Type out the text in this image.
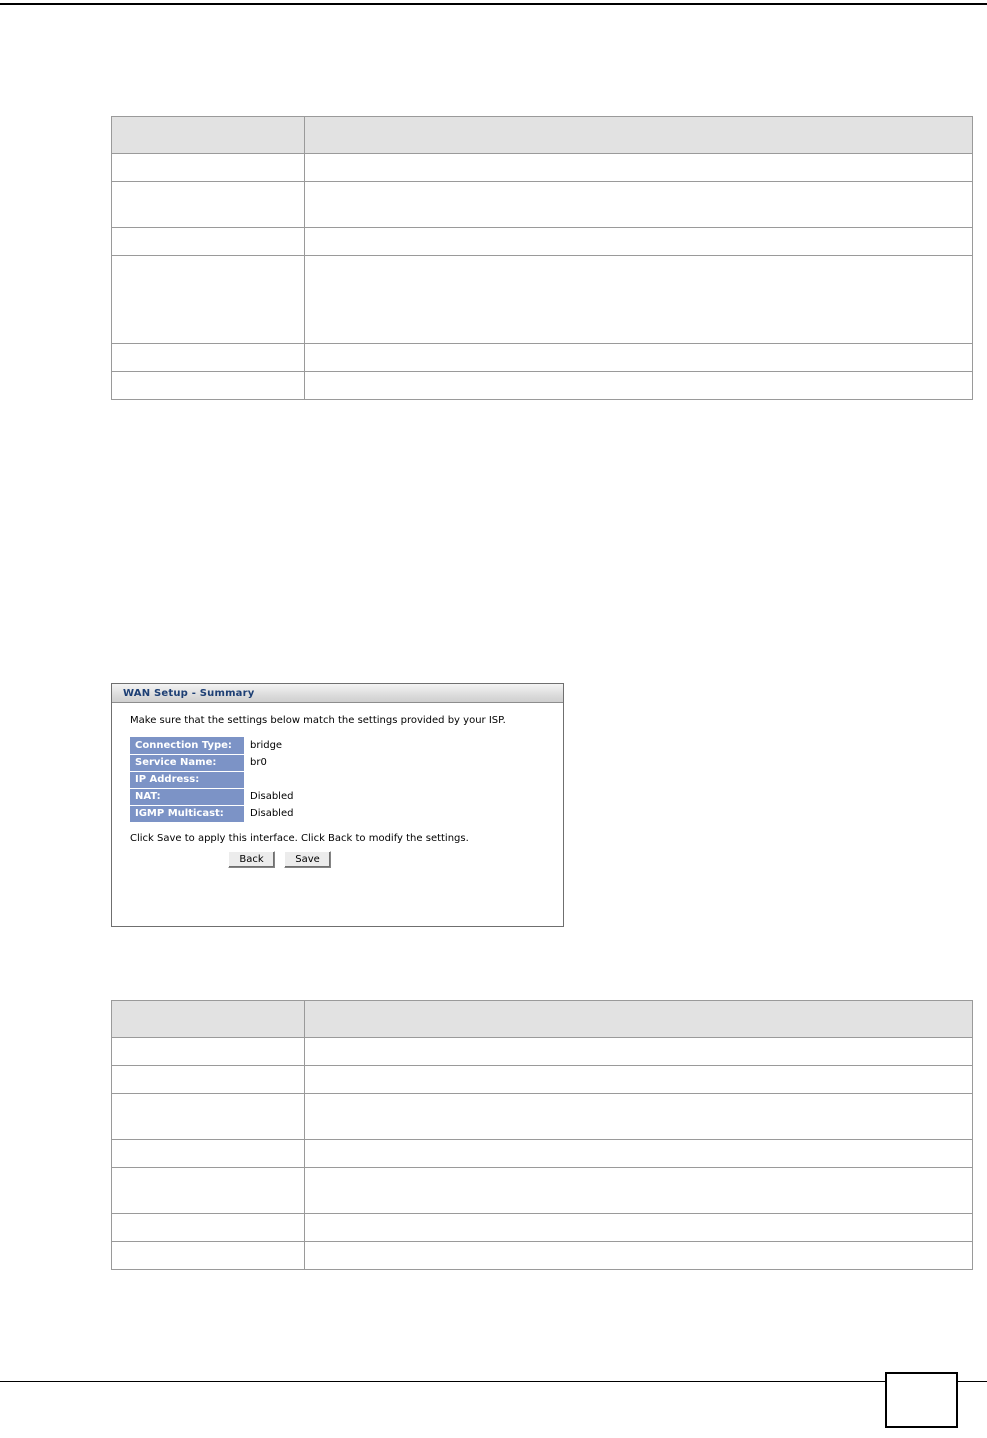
WAN Setup - Summary
Make sure that the settings below match the settings provided by your ISP.
Connection Type:	bridge
Service Name:	br0
IP Address:	
NAT:	Disabled
IGMP Multicast:	Disabled
Click Save to apply this interface. Click Back to modify the settings.
Back	Save
